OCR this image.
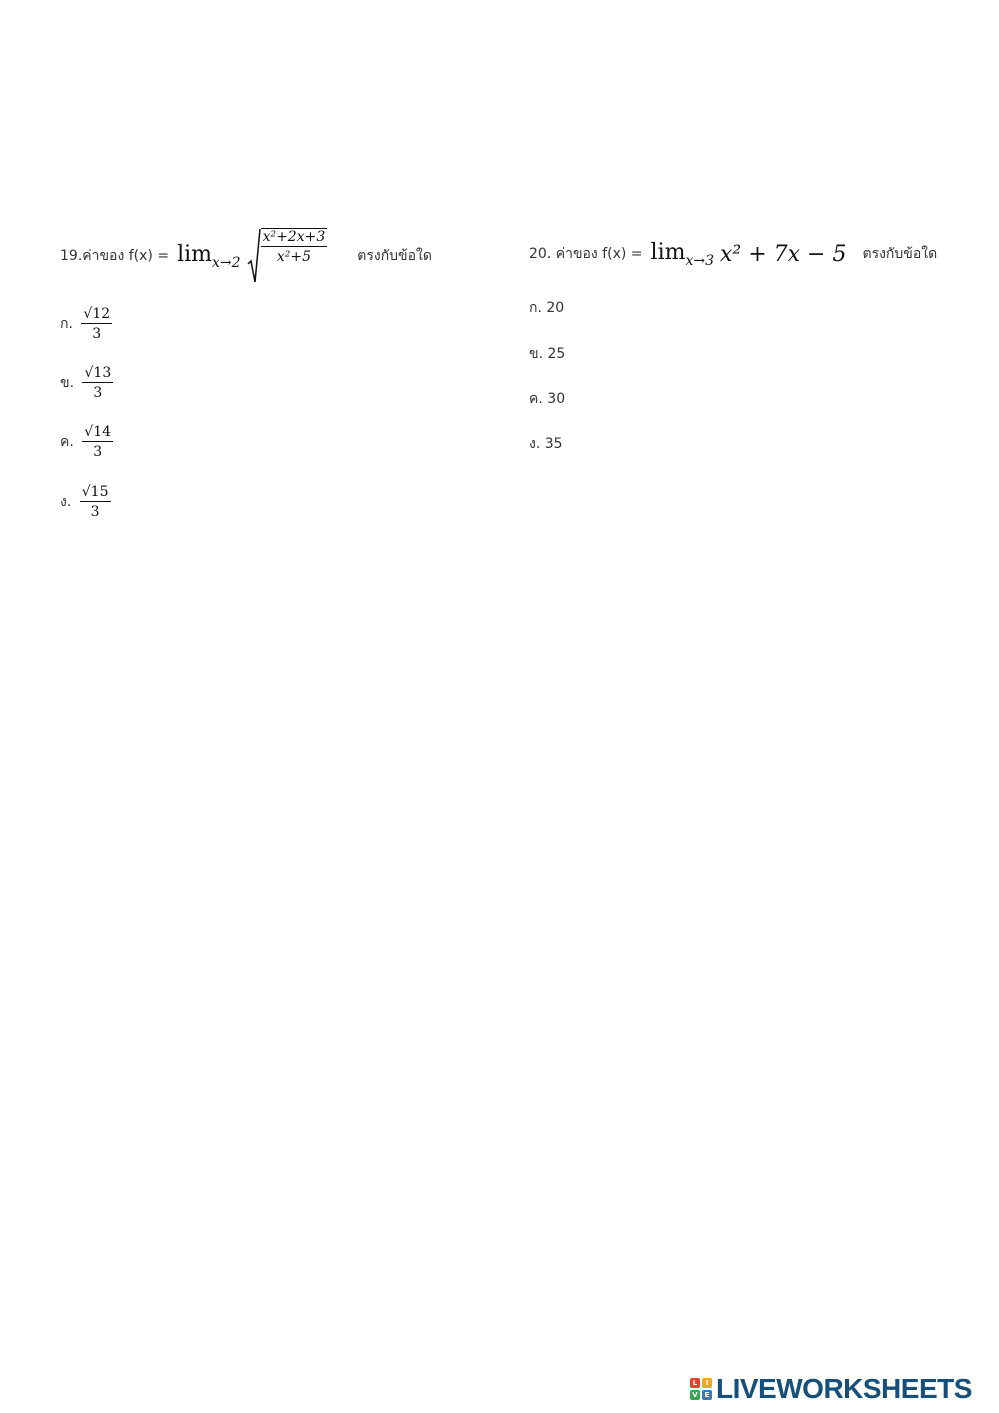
19.ค่าของ $f(x) = \lim_{x\to 2} \frac{\text{x²+2x+3}}{\text{x²+5}}$ ตรงกับข้อใด
ก. $\frac{√12}{3}$
ข. $\frac{√13}{3}$
ค. $\frac{√14}{3}$
ง. $\frac{√15}{3}$
20. ค่าของ $f(x) = \lim_{x\to 3} x^2 + 7x - 5$ ตรงกับข้อใด
ก. 20
ข. 25
ค. 30
ง. 35
L	I
V E LIVEWORKSHEETS
